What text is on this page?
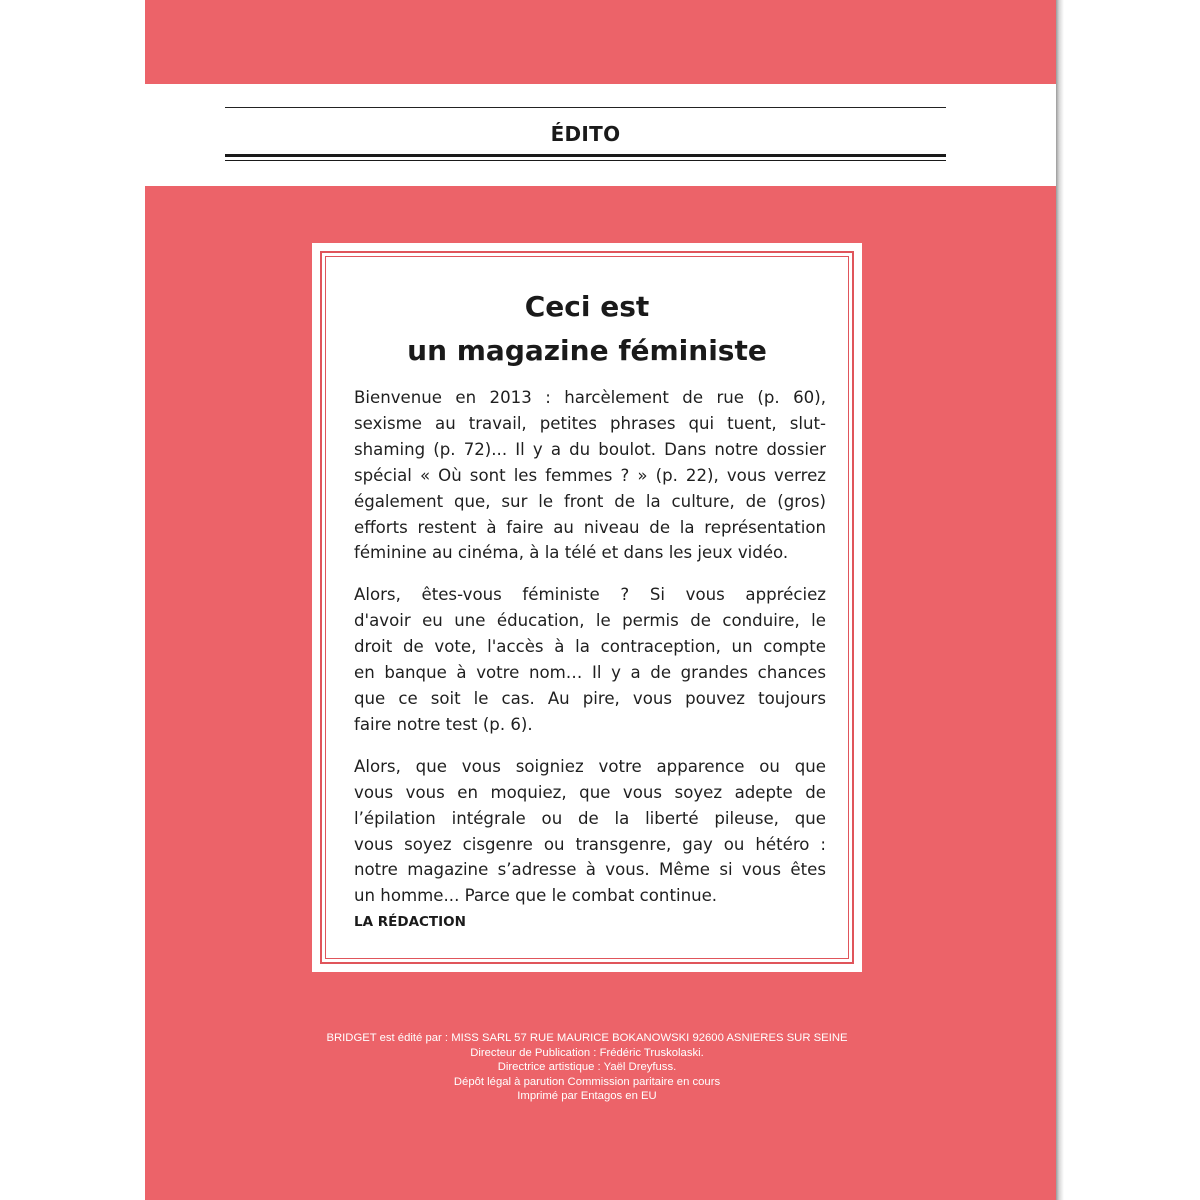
ÉDITO
Ceci est
un magazine féministe

Bienvenue en 2013 : harcèlement de rue (p. 60),
sexisme au travail, petites phrases qui tuent, slut-
shaming (p. 72)... Il y a du boulot. Dans notre dossier
spécial « Où sont les femmes ? » (p. 22), vous verrez
également que, sur le front de la culture, de (gros)
efforts restent à faire au niveau de la représentation
féminine au cinéma, à la télé et dans les jeux vidéo.

Alors, êtes-vous féministe ? Si vous appréciez
d'avoir eu une éducation, le permis de conduire, le
droit de vote, l'accès à la contraception, un compte
en banque à votre nom… Il y a de grandes chances
que ce soit le cas. Au pire, vous pouvez toujours
faire notre test (p. 6).

Alors, que vous soigniez votre apparence ou que
vous vous en moquiez, que vous soyez adepte de
l’épilation intégrale ou de la liberté pileuse, que
vous soyez cisgenre ou transgenre, gay ou hétéro :
notre magazine s’adresse à vous. Même si vous êtes
un homme... Parce que le combat continue.

LA RÉDACTION
BRIDGET est édité par : MISS SARL 57 RUE MAURICE BOKANOWSKI 92600 ASNIERES SUR SEINE
Directeur de Publication : Frédéric Truskolaski.
Directrice artistique : Yaël Dreyfuss.
Dépôt légal à parution Commission paritaire en cours
Imprimé par Entagos en EU
